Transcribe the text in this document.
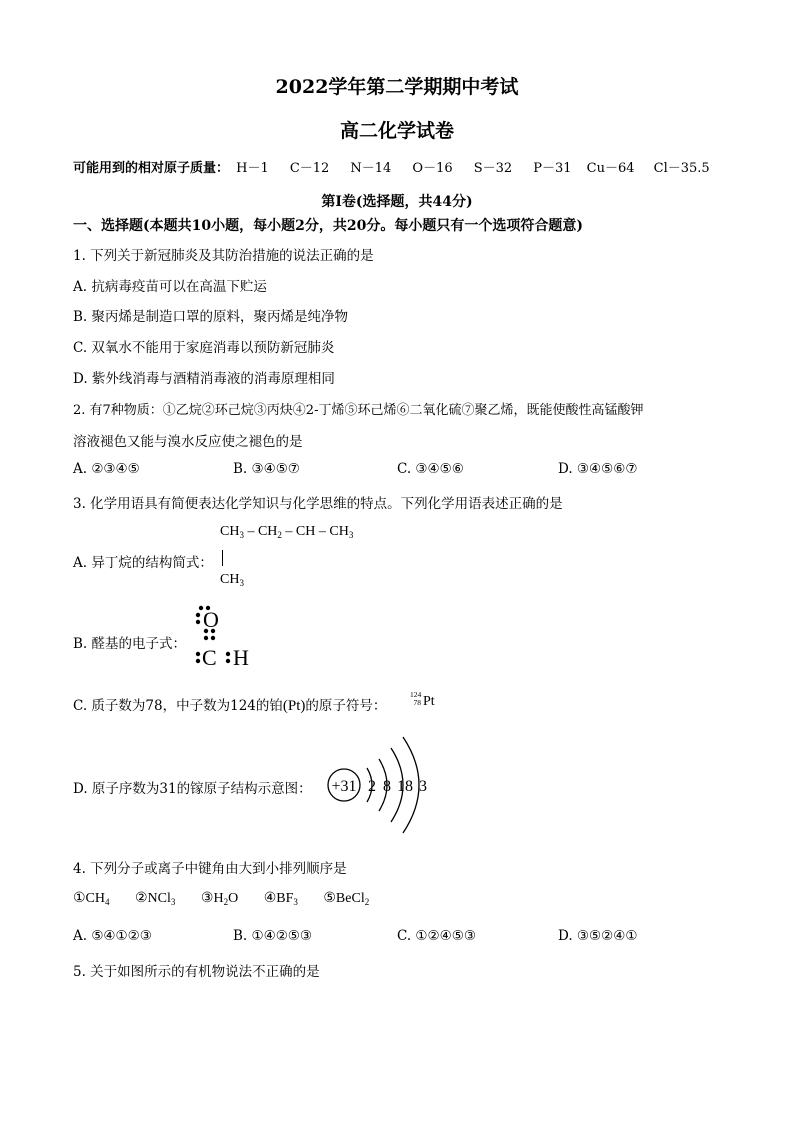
2022学年第二学期期中考试
高二化学试卷
可能用到的相对原子质量： H－1 C－12 N－14 O－16 S－32 P－31 Cu－64 Cl－35.5
第Ⅰ卷(选择题，共44分)
一、选择题(本题共10小题，每小题2分，共20分。每小题只有一个选项符合题意)
1. 下列关于新冠肺炎及其防治措施的说法正确的是
A. 抗病毒疫苗可以在高温下贮运
B. 聚丙烯是制造口罩的原料，聚丙烯是纯净物
C. 双氧水不能用于家庭消毒以预防新冠肺炎
D. 紫外线消毒与酒精消毒液的消毒原理相同
2. 有7种物质：①乙烷②环己烷③丙炔④2-丁烯⑤环己烯⑥二氧化硫⑦聚乙烯，既能使酸性高锰酸钾
溶液褪色又能与溴水反应使之褪色的是
A. ②③④⑤	B. ③④⑤⑦	C. ③④⑤⑥	D. ③④⑤⑥⑦
3. 化学用语具有简便表达化学知识与化学思维的特点。下列化学用语表述正确的是
$CH_3 - CH_2$ – CH – $CH_3$
A. 异丁烷的结构简式：
$CH_3$
B. 醛基的电子式：
O
C H
C. 质子数为78，中子数为124的铂(Pt)的原子符号：
124
78 Pt
D. 原子序数为31的镓原子结构示意图： +31 2 8 18 3
4. 下列分子或离子中键角由大到小排列顺序是
$①CH_4$ ②NCl$_3$ $③H_2O$ $④BF_3$ ⑤BeCl$_2$
A. ⑤④①②③	B. ①④②⑤③	C. ①②④⑤③	D. ③⑤②④①
5. 关于如图所示的有机物说法不正确的是
